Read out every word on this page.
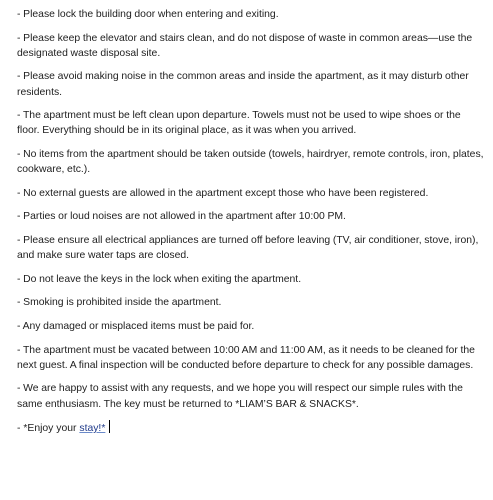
- Please lock the building door when entering and exiting.

- Please keep the elevator and stairs clean, and do not dispose of waste in common areas—use the designated waste disposal site.

- Please avoid making noise in the common areas and inside the apartment, as it may disturb other residents.

- The apartment must be left clean upon departure. Towels must not be used to wipe shoes or the floor. Everything should be in its original place, as it was when you arrived.

- No items from the apartment should be taken outside (towels, hairdryer, remote controls, iron, plates, cookware, etc.).

- No external guests are allowed in the apartment except those who have been registered.

- Parties or loud noises are not allowed in the apartment after 10:00 PM.

- Please ensure all electrical appliances are turned off before leaving (TV, air conditioner, stove, iron), and make sure water taps are closed.

- Do not leave the keys in the lock when exiting the apartment.

- Smoking is prohibited inside the apartment.

- Any damaged or misplaced items must be paid for.

- The apartment must be vacated between 10:00 AM and 11:00 AM, as it needs to be cleaned for the next guest. A final inspection will be conducted before departure to check for any possible damages.

- We are happy to assist with any requests, and we hope you will respect our simple rules with the same enthusiasm. The key must be returned to *LIAM’S BAR & SNACKS*.

- *Enjoy your stay!*
